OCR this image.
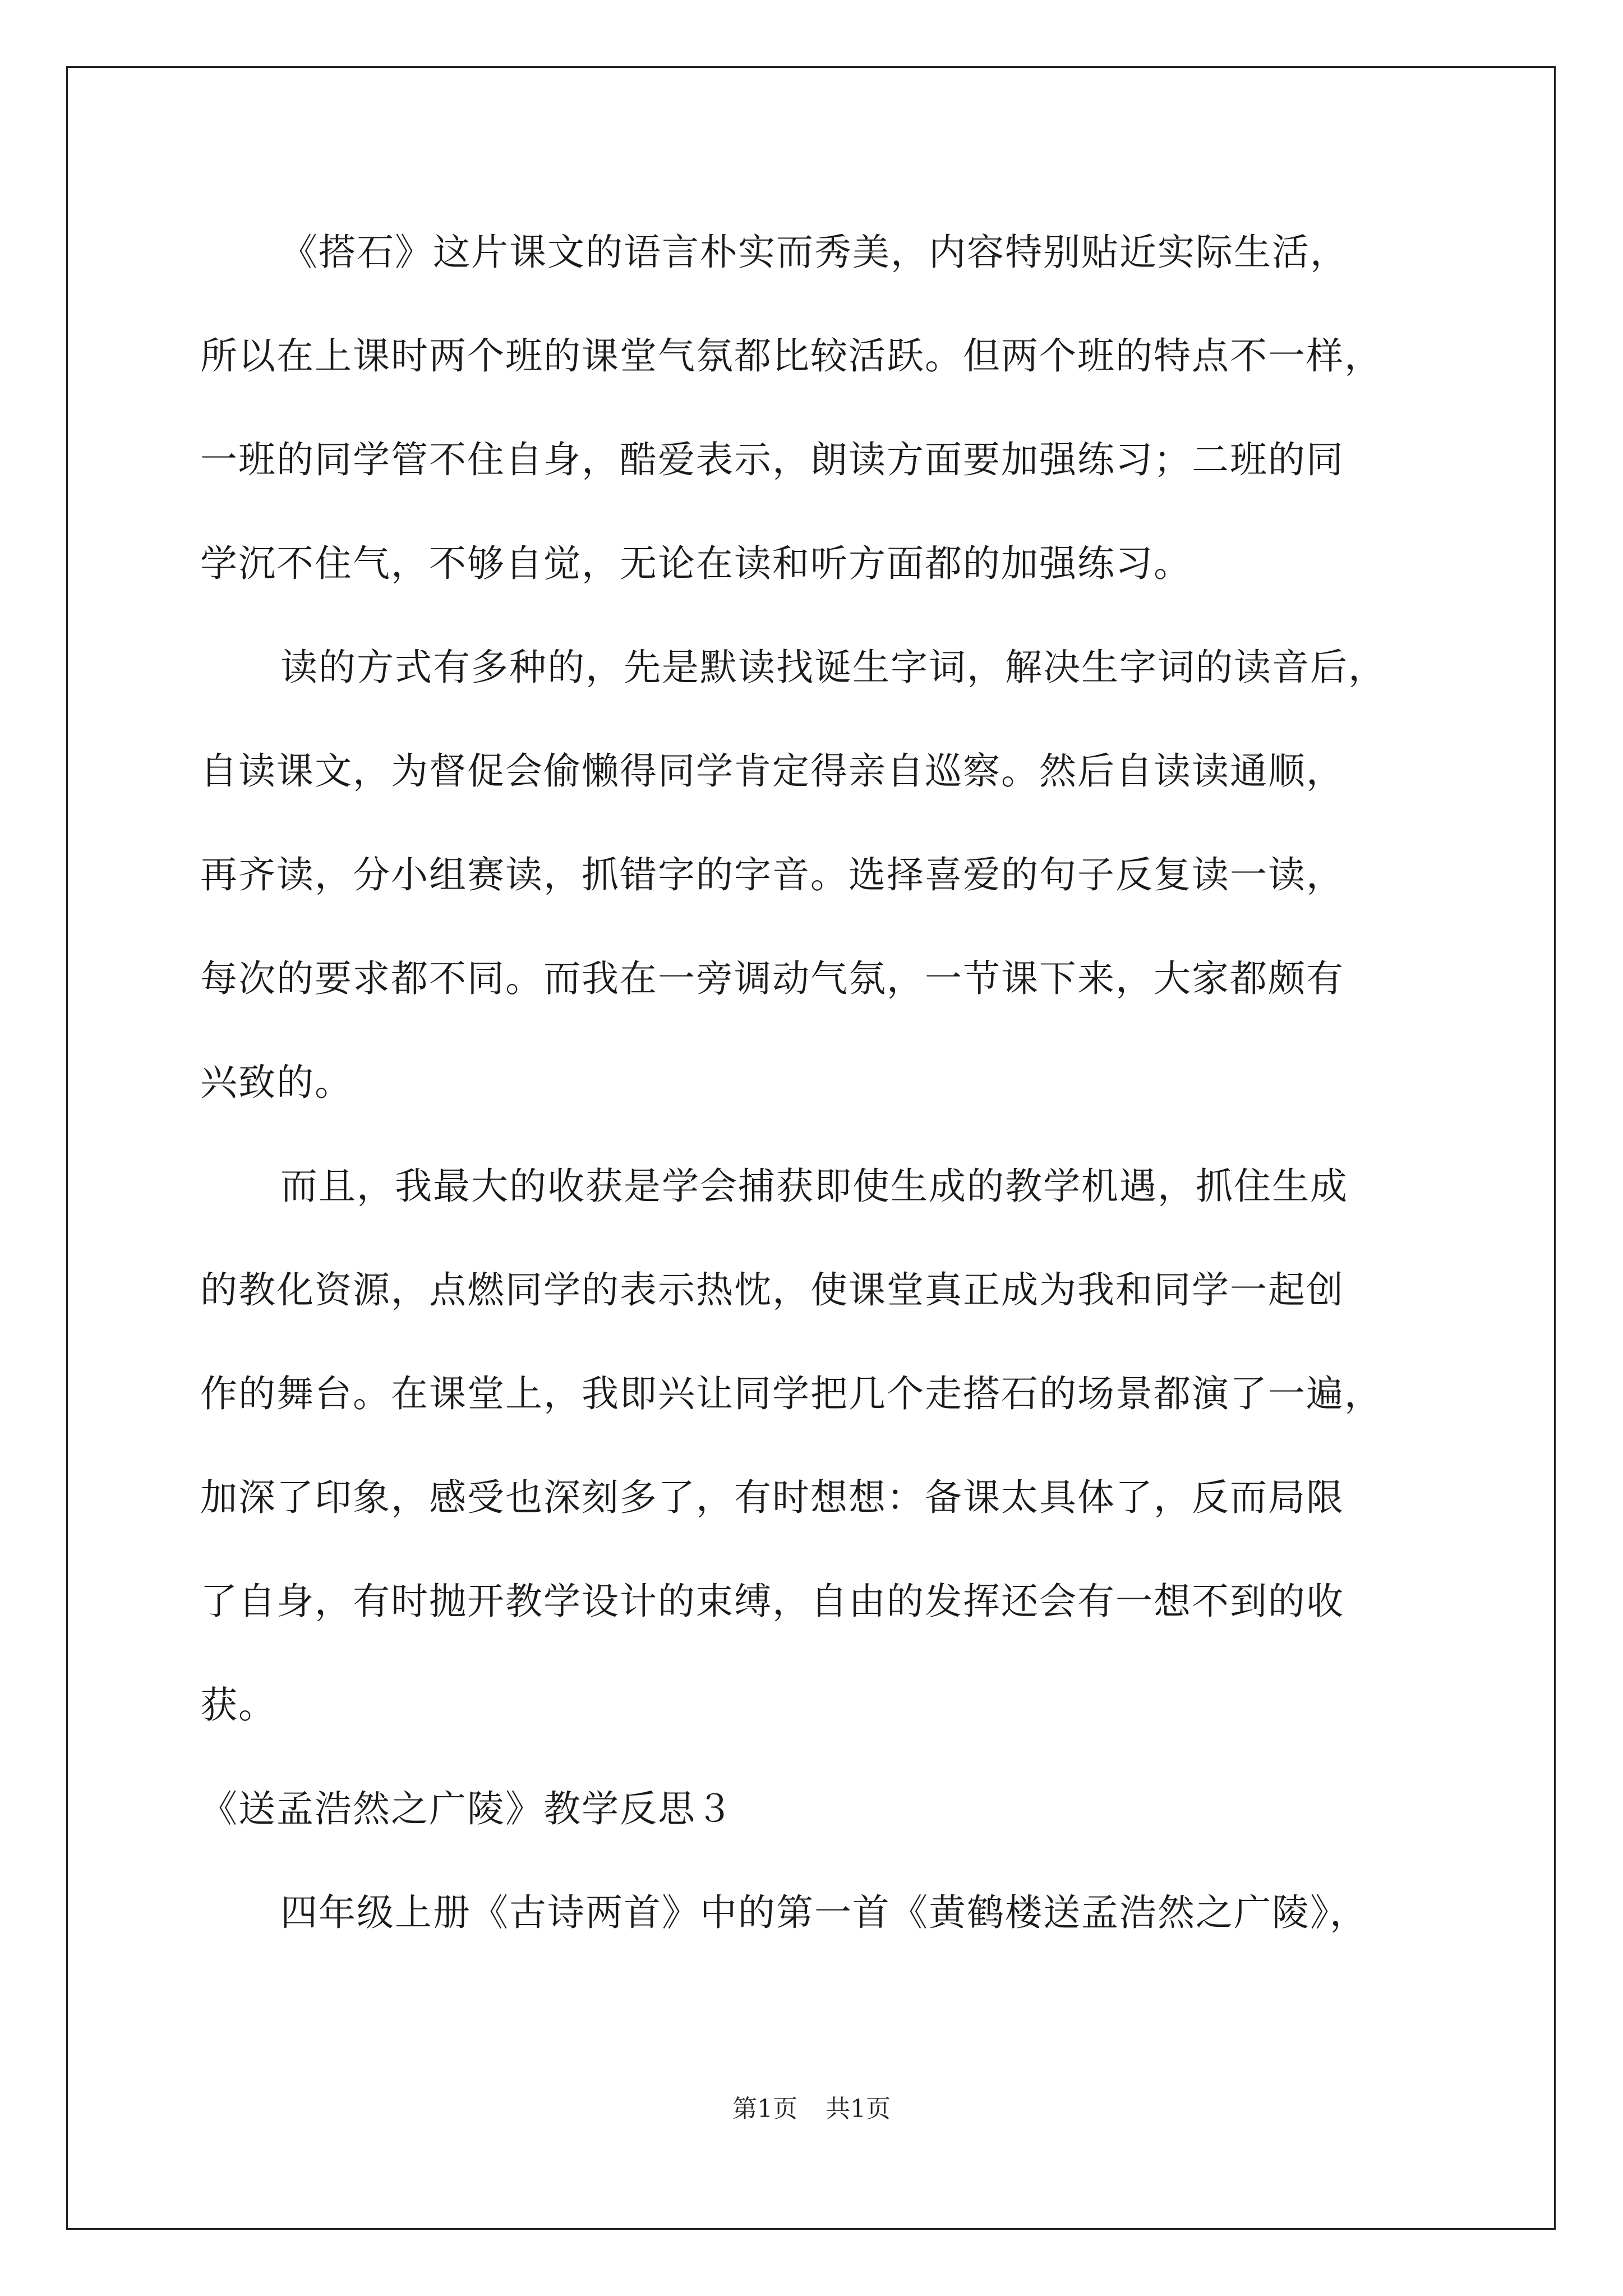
《搭石》这片课文的语言朴实而秀美，内容特别贴近实际生活，
所以在上课时两个班的课堂气氛都比较活跃。但两个班的特点不一样，
一班的同学管不住自身，酷爱表示，朗读方面要加强练习；二班的同
学沉不住气，不够自觉，无论在读和听方面都的加强练习。
读的方式有多种的，先是默读找诞生字词，解决生字词的读音后，
自读课文，为督促会偷懒得同学肯定得亲自巡察。然后自读读通顺，
再齐读，分小组赛读，抓错字的字音。选择喜爱的句子反复读一读，
每次的要求都不同。而我在一旁调动气氛，一节课下来，大家都颇有
兴致的。
而且，我最大的收获是学会捕获即使生成的教学机遇，抓住生成
的教化资源，点燃同学的表示热忱，使课堂真正成为我和同学一起创
作的舞台。在课堂上，我即兴让同学把几个走搭石的场景都演了一遍，
加深了印象，感受也深刻多了，有时想想：备课太具体了，反而局限
了自身，有时抛开教学设计的束缚，自由的发挥还会有一想不到的收
获。
《送孟浩然之广陵》教学反思３
四年级上册《古诗两首》中的第一首《黄鹤楼送孟浩然之广陵》，
第1页 共1页
